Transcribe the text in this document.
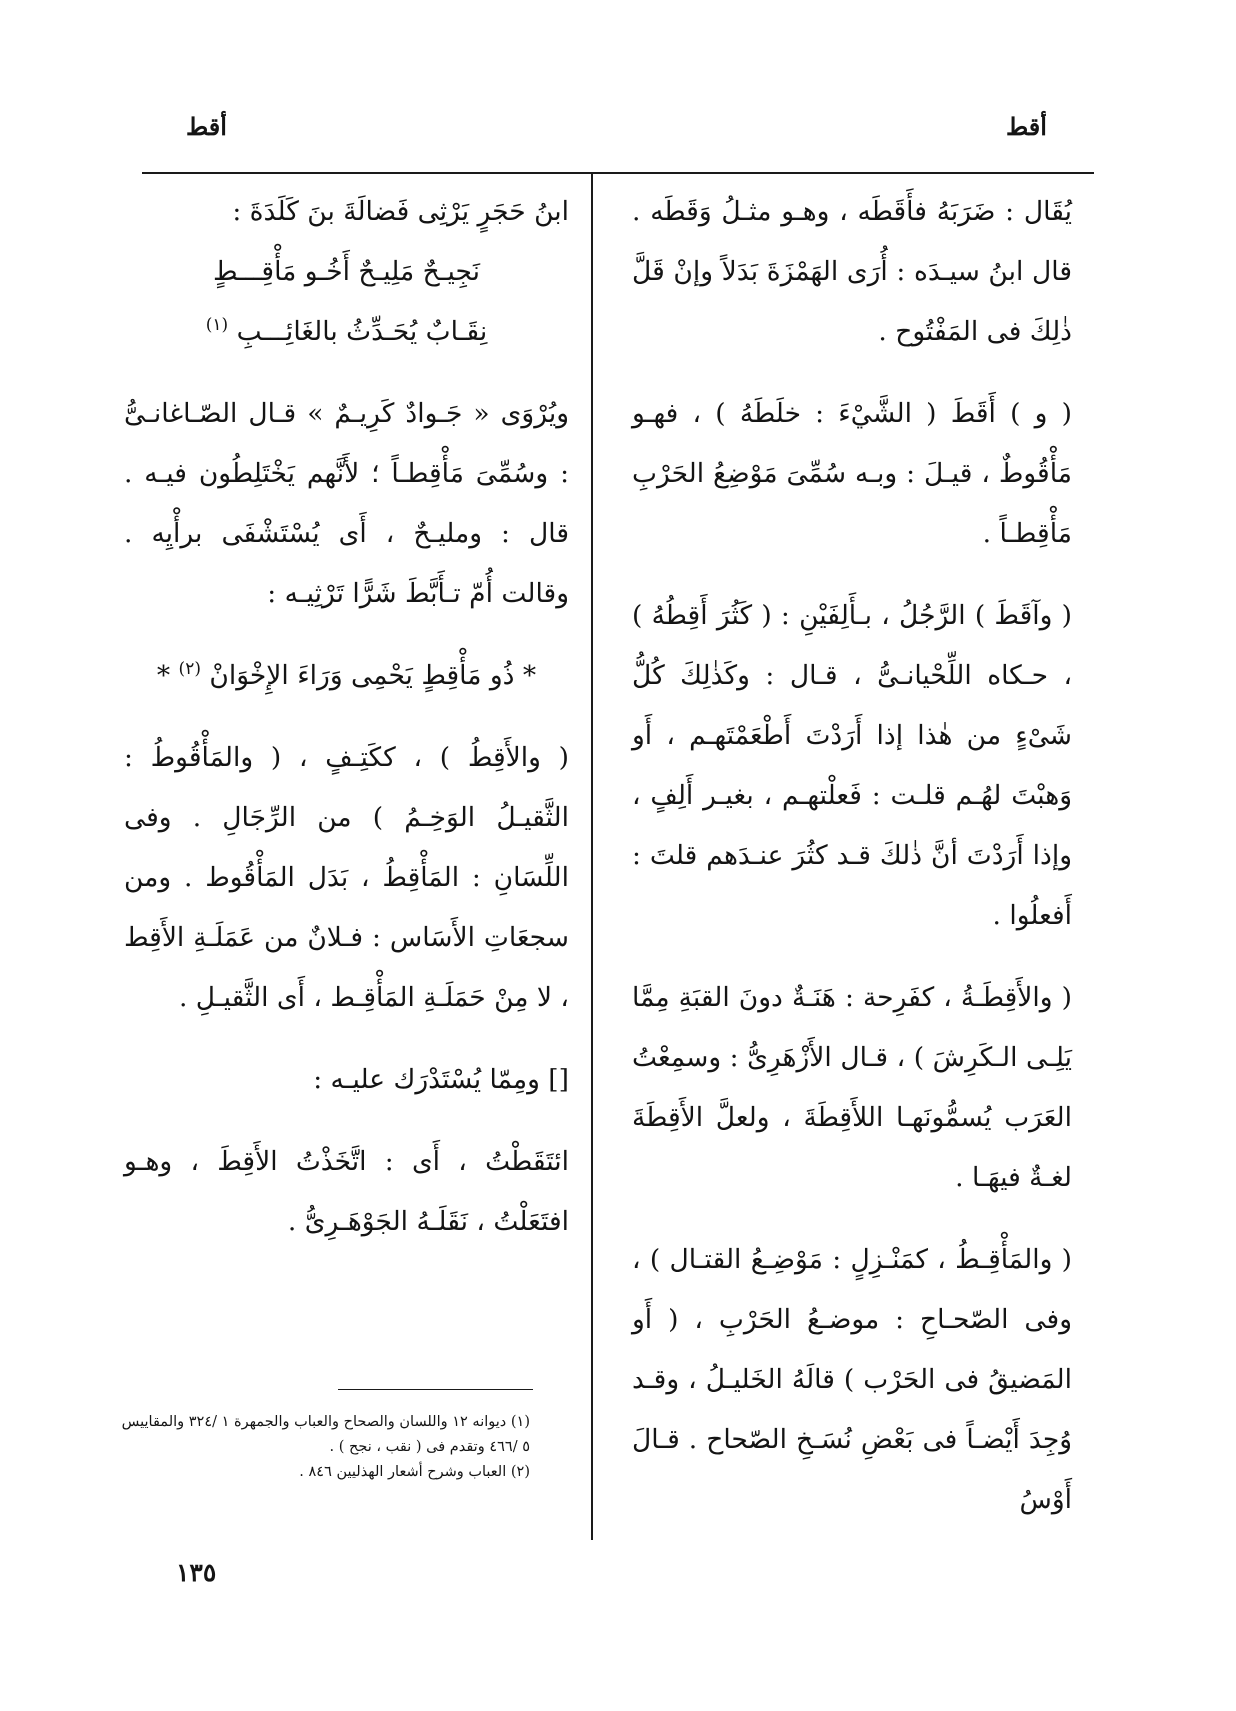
أقط
أقط

يُقَال : ضَرَبَهُ فأَقَطَه ، وهـو مثـلُ وَقَطَه . قال ابنُ سيـدَه : أُرَى الهَمْزَةَ بَدَلاً وإنْ قَلَّ ذٰلِكَ فى المَفْتُوح .

( و ) أَقَطَ ( الشَّيْءَ : خلَطَهُ ) ، فهـو مَأْقُوطٌ ، قيـلَ : وبـه سُمِّىَ مَوْضِعُ الحَرْبِ مَأْقِطـاً .

( وآقَطَ ) الرَّجُلُ ، بـأَلِفَيْنِ : ( كَثُرَ أَقِطُهُ ) ، حـكاه اللِّحْيانـىُّ ، قـال : وكَذٰلِكَ كُلُّ شَىْءٍ من هٰذا إذا أَرَدْتَ أَطْعَمْتَهـم ، أَو وَهبْتَ لهُـم قلـت : فَعلْتهـم ، بغيـر أَلِفٍ ، وإذا أَرَدْتَ أنَّ ذٰلكَ قـد كثُرَ عنـدَهم قلتَ : أَفعلُوا .

( والأَقِطَـةُ ، كفَرِحة : هَنَـةٌ دونَ القبَةِ مِمَّا يَلِـى الـكَرِشَ ) ، قـال الأَزْهَرِىُّ : وسمِعْتُ العَرَب يُسمُّونَهـا اللأَقِطَةَ ، ولعلَّ الأَقِطَةَ لغـةٌ فيهَـا .

( والمَأْقِـطُ ، كمَنْـزِلٍ : مَوْضِـعُ القتـال ) ، وفى الصّحـاحِ : موضـعُ الحَرْبِ ، ( أَو المَضيقُ فى الحَرْب ) قالَهُ الخَليـلُ ، وقـد وُجِدَ أَيْضـاً فى بَعْضِ نُسَـخِ الصّحاح . قـالَ أَوْسُ

ابنُ حَجَرٍ يَرْثِى فَضالَةَ بنَ كَلَدَةَ :

نَجِيـحٌ مَلِيـحٌ أَخُـو مَأْقِـــطٍ
نِقَـابٌ يُحَـدِّثُ بالغَائِـــبِ $^{(١)}$

ويُرْوَى « جَـوادٌ كَرِيـمٌ » قـال الصّـاغانـىُّ : وسُمِّىَ مَأْقِطـاً ؛ لأَنَّهم يَخْتَلِطُون فيـه . قال : ومليـحٌ ، أَى يُسْتَشْفَى برأْيِه . وقالت أُمّ تـأَبَّطَ شَرًّا تَرْثِيـه :

* ذُو مَأْقِطٍ يَحْمِى وَرَاءَ الإِخْوَانْ $^{(٢)}$ *

( والأَقِطُ ) ، ككَتِـفٍ ، ( والمَأْقُوطُ : الثَّقيـلُ الوَخِـمُ ) من الرِّجَالِ . وفى اللِّسَانِ : المَأْقِطُ ، بَدَل المَأْقُوط . ومن سجعَاتِ الأَسَاس : فـلانٌ من عَمَلَـةِ الأَقِط ، لا مِنْ حَمَلَـةِ المَأْقِـط ، أَى الثَّقيـلِ .

[] ومِمّا يُسْتَدْرَك عليـه :

ائتَقَطْتُ ، أَى : اتَّخَذْتُ الأَقِطَ ، وهـو افتَعَلْتُ ، نَقَلَـهُ الجَوْهَـرِىُّ .

(١) ديوانه ١٢ واللسان والصحاح والعباب والجمهرة ١ /٣٢٤ والمقاييس ٥ /٤٦٦ وتقدم فى ( نقب ، نجح ) .
(٢) العباب وشرح أشعار الهذليين ٨٤٦ .
١٣٥
